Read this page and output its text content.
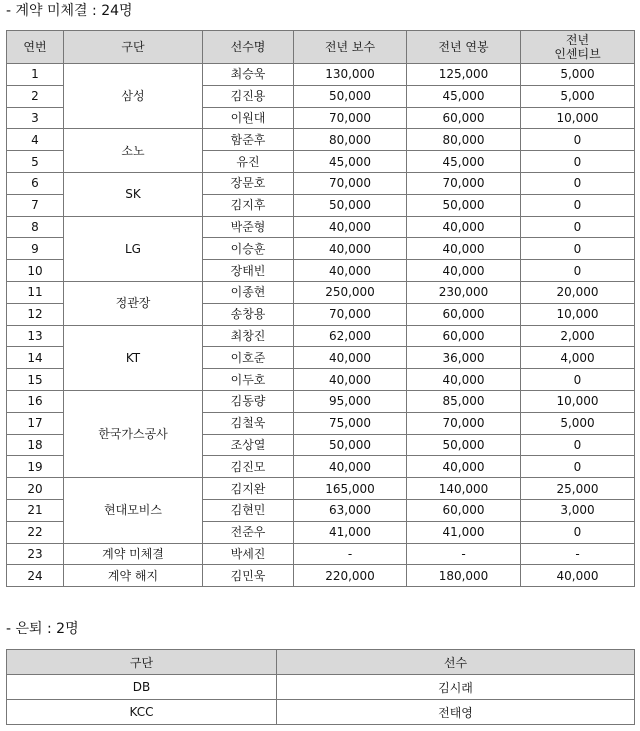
- 계약 미체결 : 24명
연번	구단	선수명	전년 보수	전년 연봉	전년
인센티브
1	삼성	최승욱	130,000	125,000	5,000
2		김진용	50,000	45,000	5,000
3		이원대	70,000	60,000	10,000
4	소노	함준후	80,000	80,000	0
5		유진	45,000	45,000	0
6	SK	장문호	70,000	70,000	0
7		김지후	50,000	50,000	0
8	LG	박준형	40,000	40,000	0
9		이승훈	40,000	40,000	0
10		장태빈	40,000	40,000	0
11	정관장	이종현	250,000	230,000	20,000
12		송창용	70,000	60,000	10,000
13	KT	최창진	62,000	60,000	2,000
14		이호준	40,000	36,000	4,000
15		이두호	40,000	40,000	0
16	한국가스공사	김동량	95,000	85,000	10,000
17		김철욱	75,000	70,000	5,000
18		조상열	50,000	50,000	0
19		김진모	40,000	40,000	0
20	현대모비스	김지완	165,000	140,000	25,000
21		김현민	63,000	60,000	3,000
22		전준우	41,000	41,000	0
23	계약 미체결	박세진	-	-	-
24	계약 해지	김민욱	220,000	180,000	40,000
- 은퇴 : 2명
구단	선수
DB	김시래
KCC	전태영
